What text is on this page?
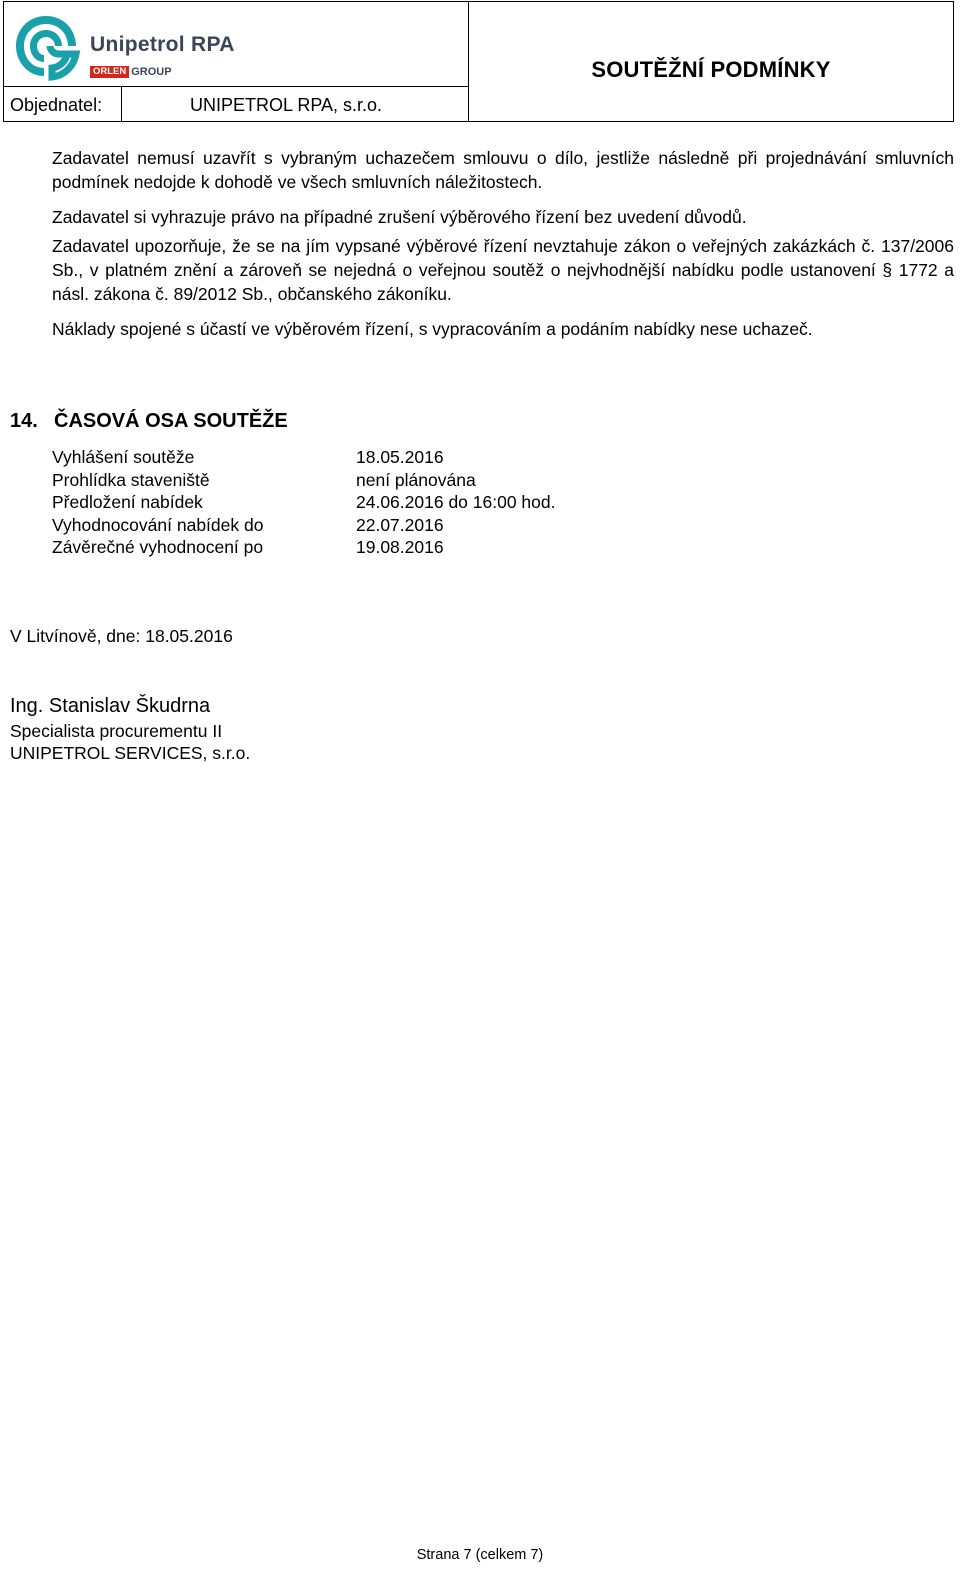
Unipetrol RPA
ORLEN GROUP	SOUTĚŽNÍ PODMÍNKY
Objednatel:	UNIPETROL RPA, s.r.o.

Zadavatel nemusí uzavřít s vybraným uchazečem smlouvu o dílo, jestliže následně při projednávání smluvních podmínek nedojde k dohodě ve všech smluvních náležitostech.

Zadavatel si vyhrazuje právo na případné zrušení výběrového řízení bez uvedení důvodů.

Zadavatel upozorňuje, že se na jím vypsané výběrové řízení nevztahuje zákon o veřejných zakázkách č. 137/2006 Sb., v platném znění a zároveň se nejedná o veřejnou soutěž o nejvhodnější nabídku podle ustanovení § 1772 a násl. zákona č. 89/2012 Sb., občanského zákoníku.

Náklady spojené s účastí ve výběrovém řízení, s vypracováním a podáním nabídky nese uchazeč.

14. ČASOVÁ OSA SOUTĚŽE
Vyhlášení soutěže	18.05.2016
Prohlídka staveniště	není plánována
Předložení nabídek	24.06.2016 do 16:00 hod.
Vyhodnocování nabídek do	22.07.2016
Závěrečné vyhodnocení po	19.08.2016
V Litvínově, dne: 18.05.2016
Ing. Stanislav Škudrna
Specialista procurementu II
UNIPETROL SERVICES, s.r.o.
Strana 7 (celkem 7)
